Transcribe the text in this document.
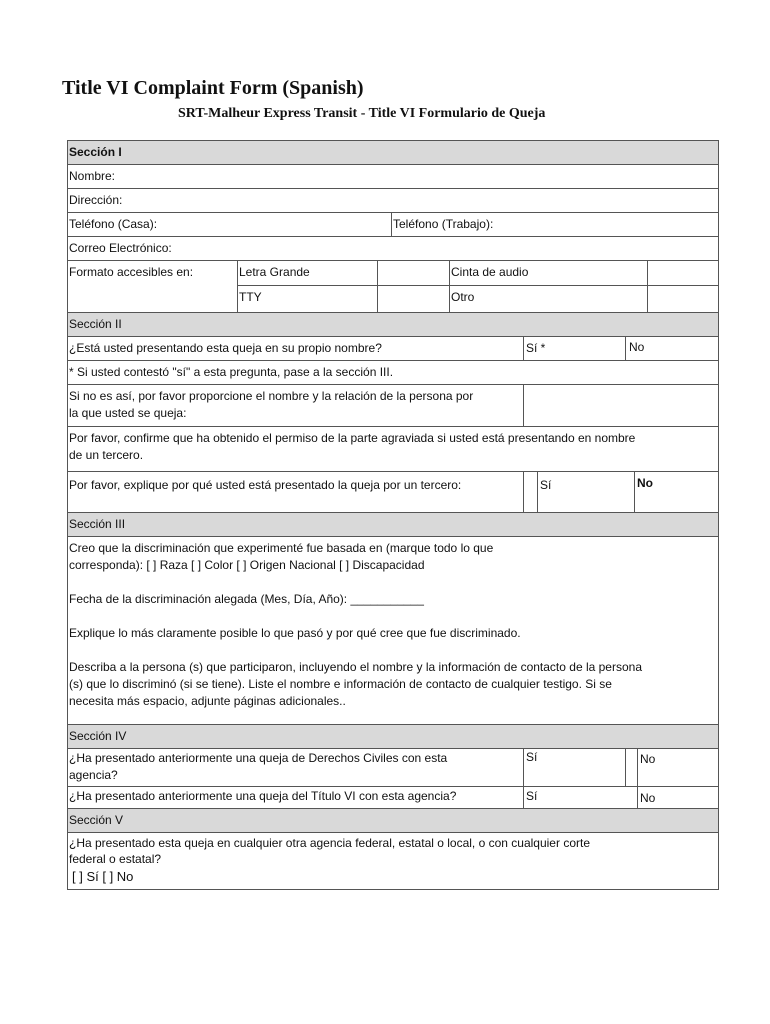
Title VI Complaint Form (Spanish)
SRT-Malheur Express Transit - Title VI Formulario de Queja
Sección I
Nombre:
Dirección:
Teléfono (Casa):	Teléfono (Trabajo):
Correo Electrónico:
Formato accesibles en:	Letra Grande	Cinta de audio
TTY	Otro
Sección II
¿Está usted presentando esta queja en su propio nombre?	Sí *	No
* Si usted contestó "sí" a esta pregunta, pase a la sección III.

Si no es así, por favor proporcione el nombre y la relación de la persona por

la que usted se queja:

Por favor, confirme que ha obtenido el permiso de la parte agraviada si usted está presentando en nombre

de un tercero.

Por favor, explique por qué usted está presentado la queja por un tercero:	Sí	No
Sección III

Creo que la discriminación que experimenté fue basada en (marque todo lo que

corresponda): [ ] Raza [ ] Color [ ] Origen Nacional [ ] Discapacidad

Fecha de la discriminación alegada (Mes, Día, Año): ___________

Explique lo más claramente posible lo que pasó y por qué cree que fue discriminado.

Describa a la persona (s) que participaron, incluyendo el nombre y la información de contacto de la persona

(s) que lo discriminó (si se tiene). Liste el nombre e información de contacto de cualquier testigo. Si se

necesita más espacio, adjunte páginas adicionales..

Sección IV

¿Ha presentado anteriormente una queja de Derechos Civiles con esta

agencia?

Sí	No
¿Ha presentado anteriormente una queja del Título VI con esta agencia?	Sí	No
Sección V

¿Ha presentado esta queja en cualquier otra agencia federal, estatal o local, o con cualquier corte

federal o estatal?

[ ] Sí [ ] No
